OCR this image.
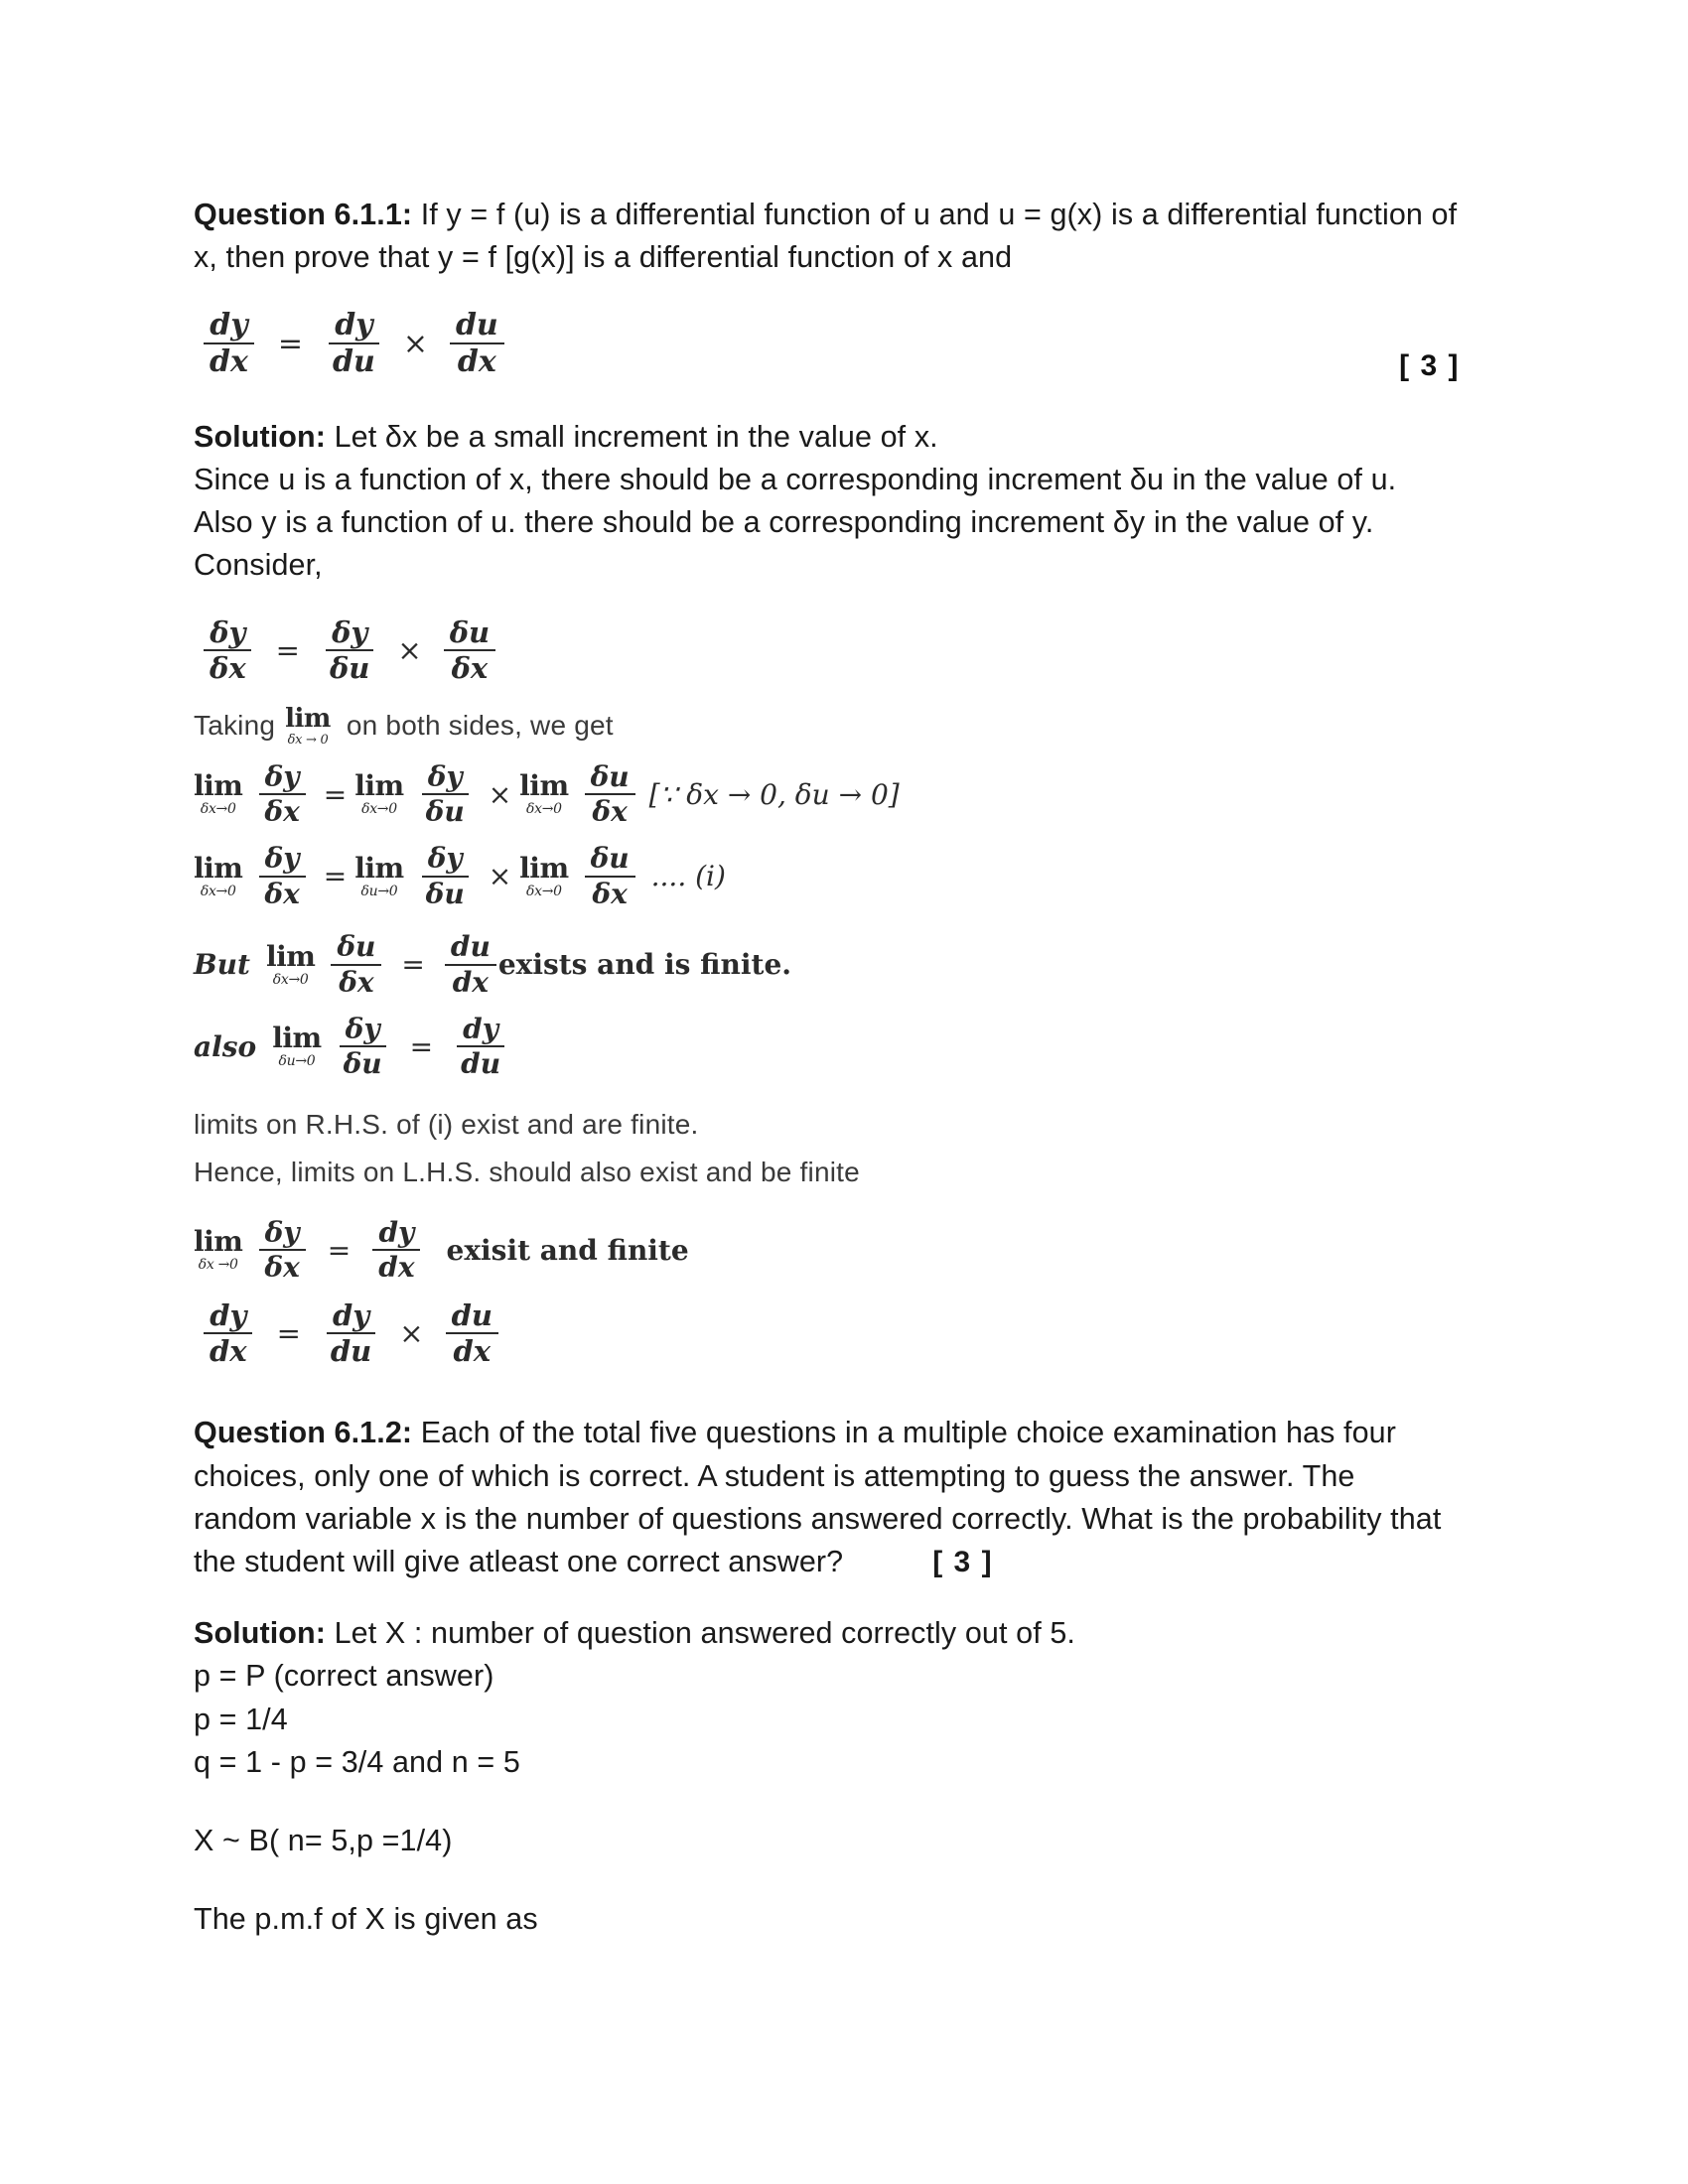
Question 6.1.1: If y = f (u) is a differential function of u and u = g(x) is a differential function of x, then prove that y = f [g(x)] is a differential function of x and

$\frac{dy}{dx} = \frac{dy}{du} \times \frac{du}{dx}$	[ 3 ]

Solution: Let δx be a small increment in the value of x.

Since u is a function of x, there should be a corresponding increment δu in the value of u.

Also y is a function of u. there should be a corresponding increment δy in the value of y. Consider,

$\frac{\delta y}{\delta x} = \frac{\delta y}{\delta u} \times \frac{\delta u}{\delta x}$
Taking lim
δx → 0 on both sides, we get
lim
$\delta x\to 0 \frac{\delta y}{\delta x} = \lim$
$\delta x\to 0 \frac{\delta y}{\delta u} \times \lim$
$\delta x\to 0 \frac{\delta u}{\delta x}$ [∵ δx → 0, δu → 0]
lim
$\delta x\to 0 \frac{\delta y}{\delta x} = \lim$
$\delta u\to 0 \frac{\delta y}{\delta u} \times \lim$
$\delta x\to 0 \frac{\delta u}{\delta x}$ .... (i)
But lim
$\delta x\to 0 \frac{\delta u}{\delta x} = \frac{du}{dx}$ exists and is finite.
also lim
$\delta u\to 0 \frac{\delta y}{\delta u} = \frac{dy}{du}$

limits on R.H.S. of (i) exist and are finite.

Hence, limits on L.H.S. should also exist and be finite

lim
$\delta x \to 0 \frac{\delta y}{\delta x} = \frac{dy}{dx}$ exisit and finite
$\frac{dy}{dx} = \frac{dy}{du} \times \frac{du}{dx}$

Question 6.1.2: Each of the total five questions in a multiple choice examination has four choices, only one of which is correct. A student is attempting to guess the answer. The random variable x is the number of questions answered correctly. What is the probability that the student will give atleast one correct answer?	[ 3 ]

Solution: Let X : number of question answered correctly out of 5.

p = P (correct answer)

p = 1/4

q = 1 - p = 3/4 and n = 5

X ~ B( n= 5,p =1/4)

The p.m.f of X is given as
